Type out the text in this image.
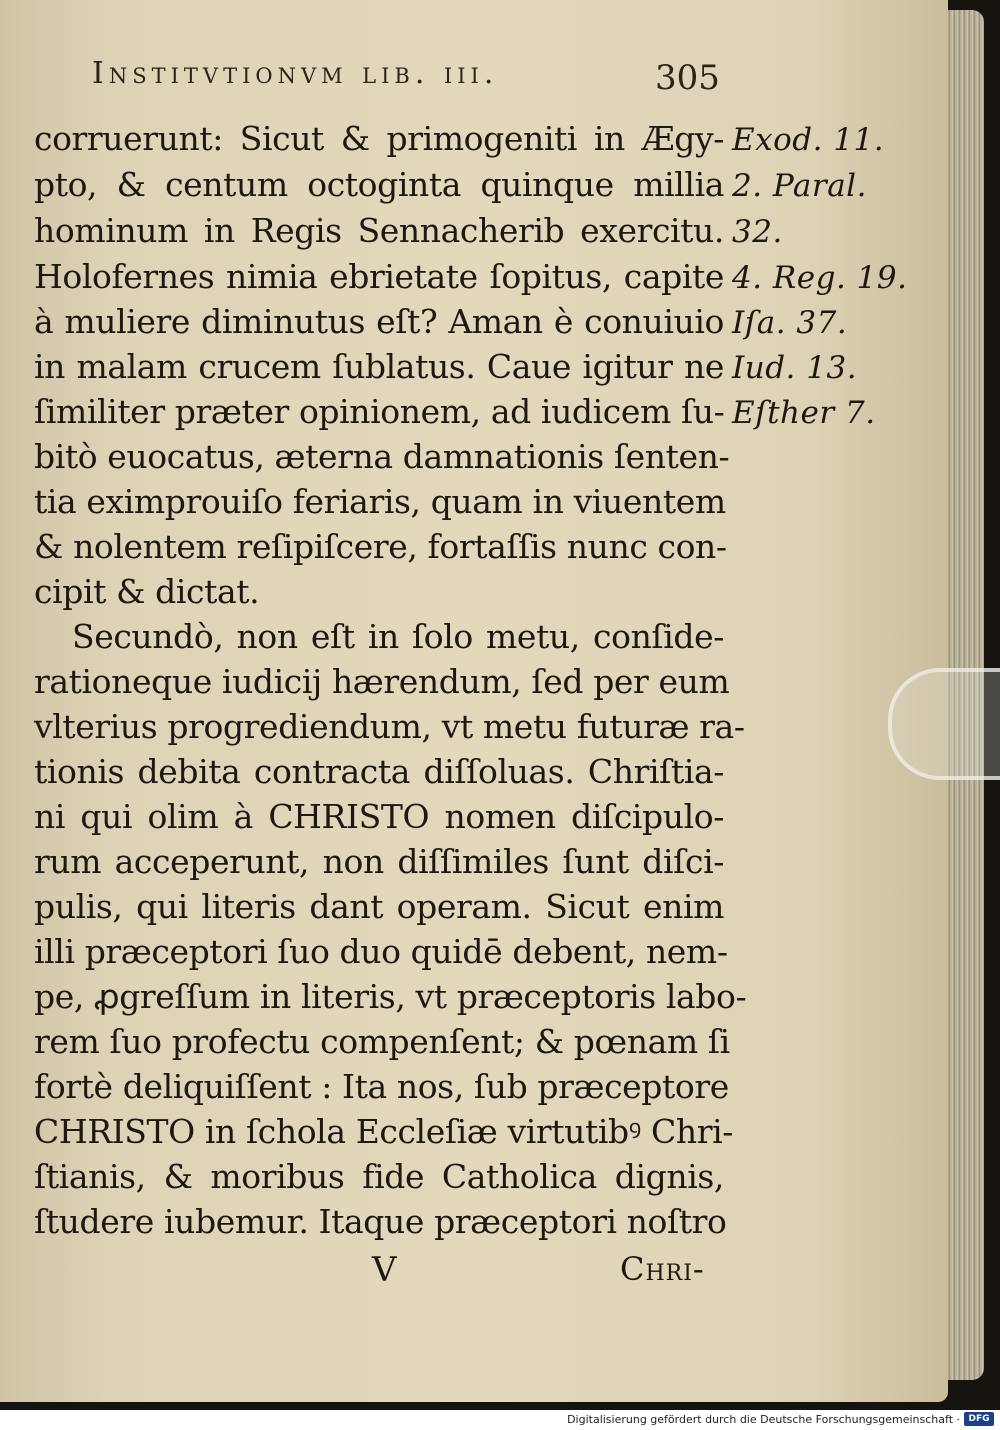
Institvtionvm lib. iii.	305
corruerunt: Sicut & primogeniti in Ægy-
pto, & centum octoginta quinque millia
hominum in Regis Sennacherib exercitu.
Holofernes nimia ebrietate ſopitus, capite
à muliere diminutus eſt? Aman è conuiuio
in malam crucem ſublatus. Caue igitur ne
ſimiliter præter opinionem, ad iudicem ſu-
bitò euocatus, æterna damnationis ſenten-
tia eximprouiſo feriaris, quam in viuentem
& nolentem reſipiſcere, fortaſſis nunc con-
cipit & dictat.
Secundò, non eſt in ſolo metu, conſide-
rationeque iudicij hærendum, ſed per eum
vlterius progrediendum, vt metu futuræ ra-
tionis debita contracta diſſoluas. Chriſtia-
ni qui olim à CHRISTO nomen diſcipulo-
rum acceperunt, non diſſimiles ſunt diſci-
pulis, qui literis dant operam. Sicut enim
illi præceptori ſuo duo quidē debent, nem-
pe, ꝓgreſſum in literis, vt præceptoris labo-
rem ſuo profectu compenſent; & pœnam ſi
fortè deliquiſſent : Ita nos, ſub præceptore
CHRISTO in ſchola Eccleſiæ virtutibꝰ Chri-
ſtianis, & moribus fide Catholica dignis,
ſtudere iubemur. Itaque præceptori noſtro
Exod. 11.
2. Paral.
32.
4. Reg. 19.
Iſa. 37.
Iud. 13.
Eſther 7.
V	Chri-
Digitalisierung gefördert durch die Deutsche Forschungsgemeinschaft · DFG
